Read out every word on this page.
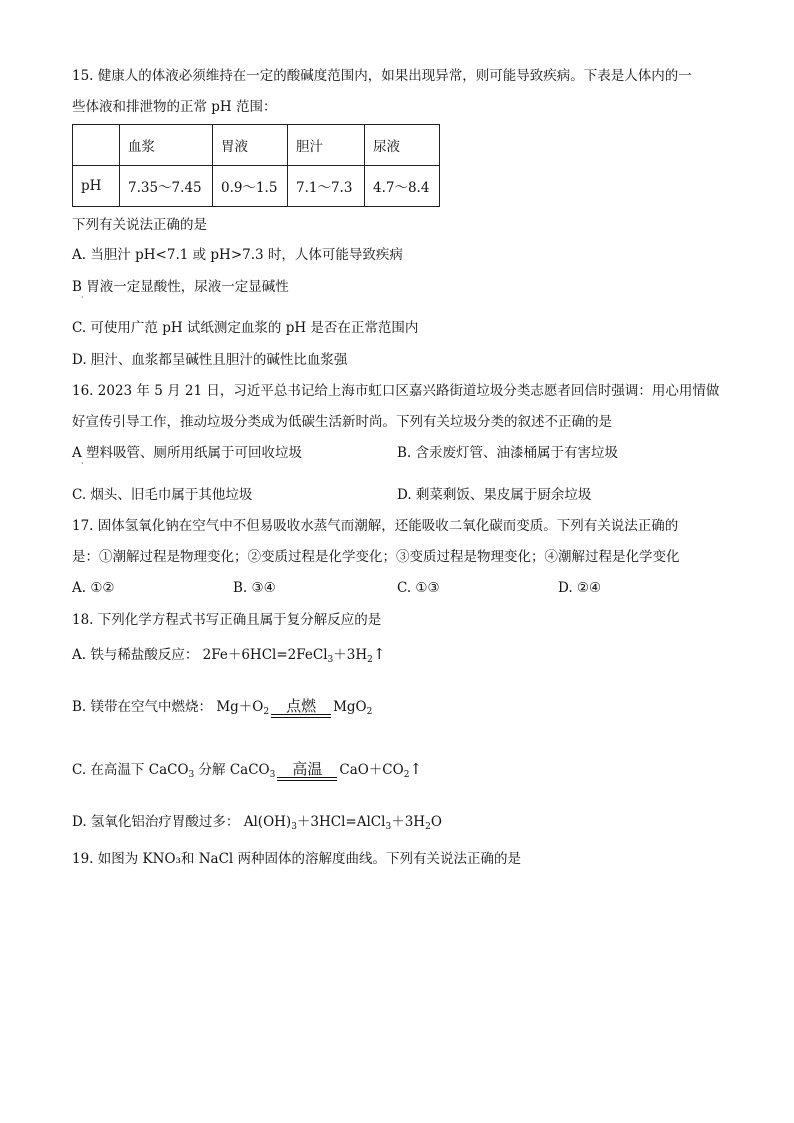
15. 健康人的体液必须维持在一定的酸碱度范围内，如果出现异常，则可能导致疾病。下表是人体内的一
些体液和排泄物的正常 pH 范围：
	血浆	胃液	胆汁	尿液
pH	7.35～7.45	0.9～1.5	7.1～7.3	4.7～8.4
下列有关说法正确的是
A. 当胆汁 pH<7.1 或 pH>7.3 时，人体可能导致疾病
B 胃液一定显酸性，尿液一定显碱性
·
C. 可使用广范 pH 试纸测定血浆的 pH 是否在正常范围内
D. 胆汁、血浆都呈碱性且胆汁的碱性比血浆强
16. 2023 年 5 月 21 日，习近平总书记给上海市虹口区嘉兴路街道垃圾分类志愿者回信时强调：用心用情做
好宣传引导工作，推动垃圾分类成为低碳生活新时尚。下列有关垃圾分类的叙述不正确的是
A 塑料吸管、厕所用纸属于可回收垃圾
·
B. 含汞废灯管、油漆桶属于有害垃圾
C. 烟头、旧毛巾属于其他垃圾	D. 剩菜剩饭、果皮属于厨余垃圾
17. 固体氢氧化钠在空气中不但易吸收水蒸气而潮解，还能吸收二氧化碳而变质。下列有关说法正确的
是：①潮解过程是物理变化；②变质过程是化学变化；③变质过程是物理变化；④潮解过程是化学变化
A. ①②	B. ③④	C. ①③	D. ②④
18. 下列化学方程式书写正确且属于复分解反应的是
A. 铁与稀盐酸反应： $2Fe+6HCl=2FeCl_3+3H_2↑$
B. 镁带在空气中燃烧： $Mg+O_2$	点燃	MgO$_2$
C. 在高温下 CaCO$_3$ 分解 CaCO$_3$	高温	$CaO+CO_2↑$
D. 氢氧化铝治疗胃酸过多： $Al(OH)_3+3HCl=AlCl_3+3H_2O$
19. 如图为 KNO₃和 NaCl 两种固体的溶解度曲线。下列有关说法正确的是
